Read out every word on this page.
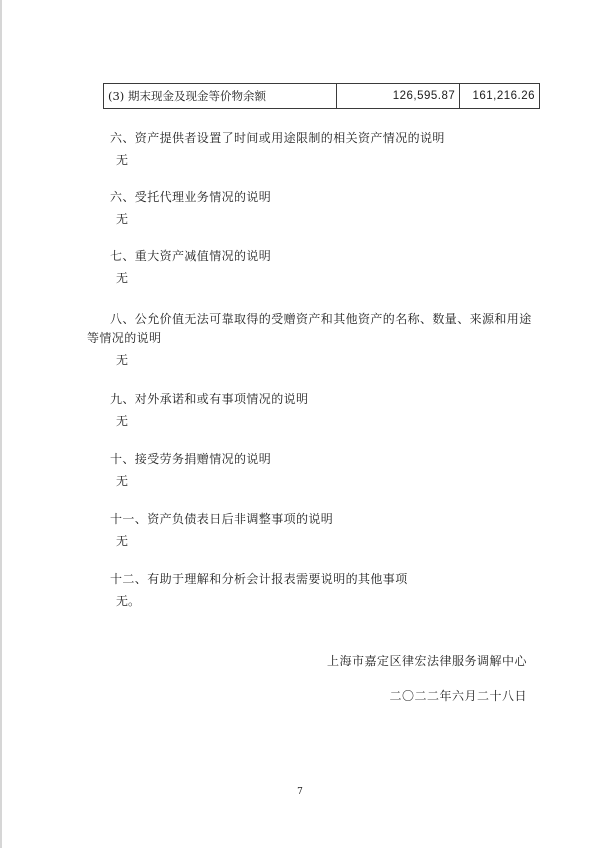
(3) 期末现金及现金等价物余额	126,595.87	161,216.26

六、资产提供者设置了时间或用途限制的相关资产情况的说明

无

六、受托代理业务情况的说明

无

七、重大资产减值情况的说明

无

八、公允价值无法可靠取得的受赠资产和其他资产的名称、数量、来源和用途

等情况的说明

无

九、对外承诺和或有事项情况的说明

无

十、接受劳务捐赠情况的说明

无

十一、资产负债表日后非调整事项的说明

无

十二、有助于理解和分析会计报表需要说明的其他事项

无。

上海市嘉定区律宏法律服务调解中心
二〇二二年六月二十八日
7
